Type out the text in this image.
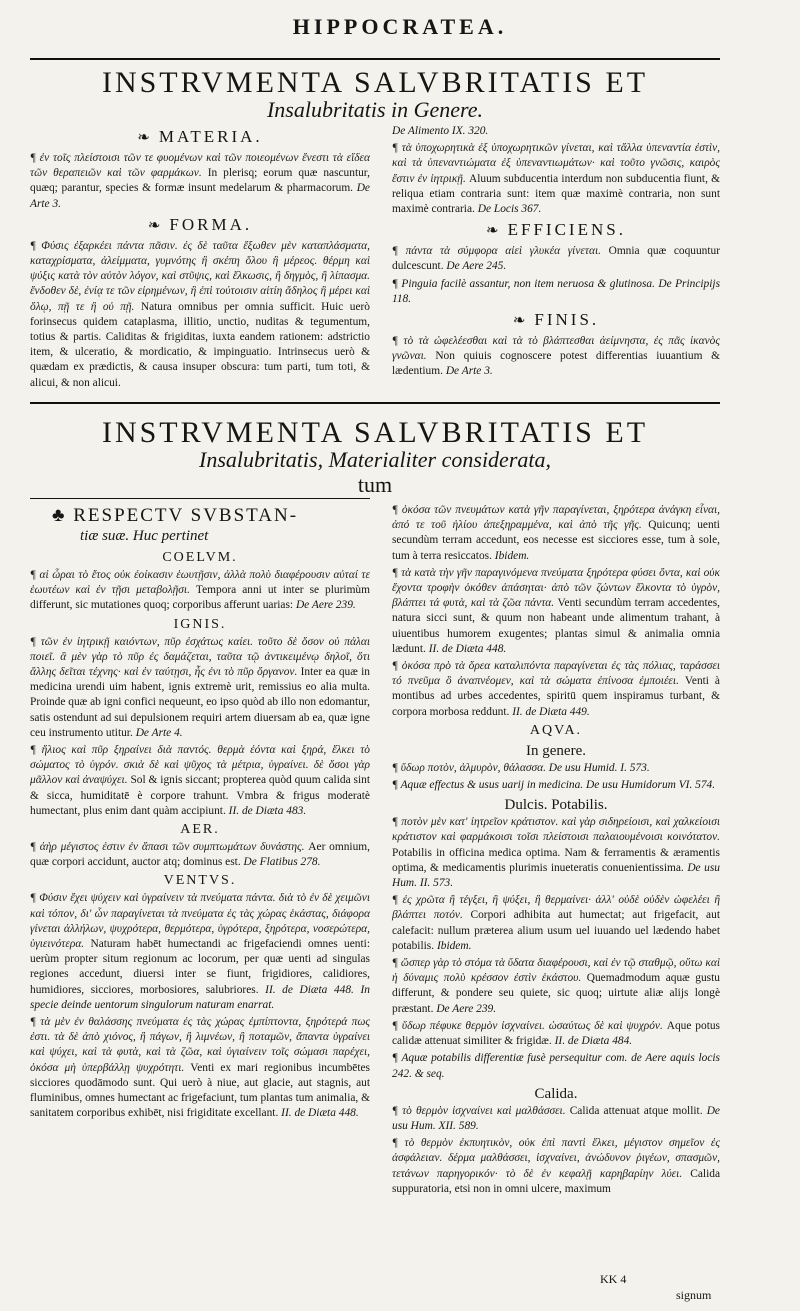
HIPPOCRATEA.
INSTRVMENTA SALVBRITATIS ET
Insalubritatis in Genere.
❧ MATERIA.

¶ ἐν τοῖς πλείστοισι τῶν τε φυομένων καὶ τῶν ποιεομένων ἔνεστι τὰ εἴδεα τῶν θεραπειῶν καὶ τῶν φαρμάκων. In plerisq; eorum quæ nascuntur, quæq; parantur, species & formæ insunt medelarum & pharmacorum. De Arte 3.

❧ FORMA.

¶ Φύσις ἐξαρκέει πάντα πᾶσιν. ἐς δὲ ταῦτα ἔξωθεν μὲν καταπλάσματα, καταχρίσματα, ἀλείμματα, γυμνότης ἢ σκέπη ὅλου ἢ μέρεος. θέρμη καὶ ψύξις κατὰ τὸν αὐτὸν λόγον, καὶ στῦψις, καὶ ἕλκωσις, ἢ δηγμὸς, ἢ λίπασμα. ἔνδοθεν δὲ, ἐνίᾳ τε τῶν εἰρημένων, ἢ ἐπὶ τούτοισιν αἰτίη ἄδηλος ἢ μέρει καὶ ὅλῳ, πῇ τε ἢ οὐ πῇ. Natura omnibus per omnia sufficit. Huic uerò forinsecus quidem cataplasma, illitio, unctio, nuditas & tegumentum, totius & partis. Caliditas & frigiditas, iuxta eandem rationem: adstrictio item, & ulceratio, & mordicatio, & impinguatio. Intrinsecus uerò & quædam ex prædictis, & causa insuper obscura: tum parti, tum toti, & alicui, & non alicui.

De Alimento IX. 320.

¶ τὰ ὑποχωρητικὰ ἐξ ὑποχωρητικῶν γίνεται, καὶ τἄλλα ὑπεναντία ἐστὶν, καὶ τὰ ὑπεναντιώματα ἐξ ὑπεναντιωμάτων· καὶ τοῦτο γνῶσις, καιρὸς ἔστιν ἐν ἰητρικῇ. Aluum subducentia interdum non subducentia fiunt, & reliqua etiam contraria sunt: item quæ maximè contraria, non sunt maximè contraria. De Locis 367.

❧ EFFICIENS.

¶ πάντα τὰ σύμφορα αἰεὶ γλυκέα γίνεται. Omnia quæ coquuntur dulcescunt. De Aere 245.

¶ Pinguia facilè assantur, non item neruosa & glutinosa. De Principijs 118.

❧ FINIS.

¶ τὸ τὰ ὠφελέεσθαι καὶ τὰ τὸ βλάπτεσθαι ἀείμνηστα, ἐς πᾶς ἱκανὸς γνῶναι. Non quiuis cognoscere potest differentias iuuantium & lædentium. De Arte 3.

INSTRVMENTA SALVBRITATIS ET
Insalubritatis, Materialiter considerata,
tum
♣ RESPECTV SVBSTAN-
tiæ suæ. Huc pertinet
COELVM.

¶ αἱ ὧραι τὸ ἔτος οὐκ ἐοίκασιν ἑωυτῇσιν, ἀλλὰ πολὺ διαφέρουσιν αὐταί τε ἑωυτέων καὶ ἐν τῇσι μεταβολῇσι. Tempora anni ut inter se plurimùm differunt, sic mutationes quoq; corporibus afferunt uarias: De Aere 239.

IGNIS.

¶ τῶν ἐν ἰητρικῇ καιόντων, πῦρ ἐσχάτως καίει. τοῦτο δὲ ὅσον οὐ πάλαι ποιεῖ. ἃ μὲν γὰρ τὸ πῦρ ἐς δαμάζεται, ταῦτα τῷ ἀντικειμένῳ δηλοῖ, ὅτι ἄλλης δεῖται τέχνης· καὶ ἐν ταύτῃσι, ἧς ἐνι τὸ πῦρ ὄργανον. Inter ea quæ in medicina urendi uim habent, ignis extremè urit, remissius eo alia multa. Proinde quæ ab igni confici nequeunt, eo ipso quòd ab illo non edomantur, satis ostendunt ad sui depulsionem requiri artem diuersam ab ea, quæ igne ceu instrumento utitur. De Arte 4.

¶ ἥλιος καὶ πῦρ ξηραίνει διὰ παντός. θερμὰ ἐόντα καὶ ξηρά, ἕλκει τὸ σώματος τὸ ὑγρόν. σκιὰ δὲ καὶ ψῦχος τὰ μέτρια, ὑγραίνει. δὲ ὅσοι γὰρ μᾶλλον καὶ ἀναψύχει. Sol & ignis siccant; propterea quòd quum calida sint & sicca, humiditatē è corpore trahunt. Vmbra & frigus moderatè humectant, plus enim dant quàm accipiunt. II. de Diæta 483.

AER.

¶ ἀὴρ μέγιστος ἐστιν ἐν ἅπασι τῶν συμπτωμάτων δυνάστης. Aer omnium, quæ corpori accidunt, auctor atq; dominus est. De Flatibus 278.

VENTVS.

¶ Φύσιν ἔχει ψύχειν καὶ ὑγραίνειν τὰ πνεύματα πάντα. διὰ τὸ ἐν δὲ χειμῶνι καὶ τόπον, δι' ὧν παραγίνεται τὰ πνεύματα ἐς τὰς χώρας ἑκάστας, διάφορα γίνεται ἀλλήλων, ψυχρότερα, θερμότερα, ὑγρότερα, ξηρότερα, νοσερώτερα, ὑγιεινότερα. Naturam habēt humectandi ac frigefaciendi omnes uenti: uerùm propter situm regionum ac locorum, per quæ uenti ad singulas regiones accedunt, diuersi inter se fiunt, frigidiores, calidiores, humidiores, sicciores, morbosiores, salubriores. II. de Diæta 448. In specie deinde uentorum singulorum naturam enarrat.

¶ τὰ μὲν ἐν θαλάσσης πνεύματα ἐς τὰς χώρας ἐμπίπτοντα, ξηρότερά πως ἐστι. τὰ δὲ ἀπὸ χιόνος, ἢ πάγων, ἢ λιμνέων, ἢ ποταμῶν, ἅπαντα ὑγραίνει καὶ ψύχει, καὶ τὰ φυτὰ, καὶ τὰ ζῶα, καὶ ὑγιαίνειν τοῖς σώμασι παρέχει, ὁκόσα μὴ ὑπερβάλλῃ ψυχρότητι. Venti ex mari regionibus incumbētes sicciores quodāmodo sunt. Qui uerò à niue, aut glacie, aut stagnis, aut fluminibus, omnes humectant ac frigefaciunt, tum plantas tum animalia, & sanitatem corporibus exhibēt, nisi frigiditate excellant. II. de Diæta 448.

¶ ὁκόσα τῶν πνευμάτων κατὰ γῆν παραγίνεται, ξηρότερα ἀνάγκη εἶναι, ἀπό τε τοῦ ἡλίου ἀπεξηραμμένα, καὶ ἀπὸ τῆς γῆς. Quicunq; uenti secundùm terram accedunt, eos necesse est sicciores esse, tum à sole, tum à terra resiccatos. Ibidem.

¶ τὰ κατὰ τὴν γῆν παραγινόμενα πνεύματα ξηρότερα φύσει ὄντα, καὶ οὐκ ἔχοντα τροφὴν ὁκόθεν ἀπάσηται· ἀπὸ τῶν ζώντων ἕλκοντα τὸ ὑγρὸν, βλάπτει τά φυτὰ, καὶ τὰ ζῶα πάντα. Venti secundùm terram accedentes, natura sicci sunt, & quum non habeant unde alimentum trahant, à uiuentibus humorem exugentes; plantas simul & animalia omnia lædunt. II. de Diæta 448.

¶ ὁκόσα πρὸ τὰ ὄρεα καταλιπόντα παραγίνεται ἐς τὰς πόλιας, ταράσσει τό πνεῦμα ὃ ἀναπνέομεν, καὶ τὰ σώματα ἐπίνοσα ἐμποιέει. Venti à montibus ad urbes accedentes, spiritū quem inspiramus turbant, & corpora morbosa reddunt. II. de Diæta 449.

AQVA.
In genere.

¶ ὕδωρ ποτὸν, ἁλμυρὸν, θάλασσα. De usu Humid. I. 573.

¶ Aquæ effectus & usus uarij in medicina. De usu Humidorum VI. 574.

Dulcis. Potabilis.

¶ ποτὸν μὲν κατ' ἰητρεῖον κράτιστον. καὶ γὰρ σιδηρείοισι, καὶ χαλκείοισι κράτιστον καὶ φαρμάκοισι τοῖσι πλείστοισι παλαιουμένοισι κοινότατον. Potabilis in officina medica optima. Nam & ferramentis & æramentis optima, & medicamentis plurimis inueteratis conuenientissima. De usu Hum. II. 573.

¶ ἐς χρῶτα ἢ τέγξει, ἢ ψύξει, ἢ θερμαίνει· ἀλλ' οὐδὲ οὐδὲν ὠφελέει ἢ βλάπτει ποτόν. Corpori adhibita aut humectat; aut frigefacit, aut calefacit: nullum præterea alium usum uel iuuando uel lædendo habet potabilis. Ibidem.

¶ ὥσπερ γὰρ τὸ στόμα τὰ ὕδατα διαφέρουσι, καὶ ἐν τῷ σταθμῷ, οὕτω καὶ ἡ δύναμις πολὺ κρέσσον ἐστὶν ἑκάστου. Quemadmodum aquæ gustu differunt, & pondere seu quiete, sic quoq; uirtute aliæ alijs longè præstant. De Aere 239.

¶ ὕδωρ πέφυκε θερμὸν ἰσχναίνει. ὡσαύτως δὲ καὶ ψυχρόν. Aque potus calidæ attenuat similiter & frigidæ. II. de Diæta 484.

¶ Aquæ potabilis differentiæ fusè persequitur com. de Aere aquis locis 242. & seq.

Calida.

¶ τὸ θερμὸν ἰσχναίνει καὶ μαλθάσσει. Calida attenuat atque mollit. De usu Hum. XII. 589.

¶ τὸ θερμὸν ἐκπυητικὸν, οὐκ ἐπὶ παντὶ ἕλκει, μέγιστον σημεῖον ἐς ἀσφάλειαν. δέρμα μαλθάσσει, ἰσχναίνει, ἀνώδυνον ῥιγέων, σπασμῶν, τετάνων παρηγορικόν· τὸ δὲ ἐν κεφαλῇ καρηβαρίην λύει. Calida suppuratoria, etsi non in omni ulcere, maximum

KK 4
signum
